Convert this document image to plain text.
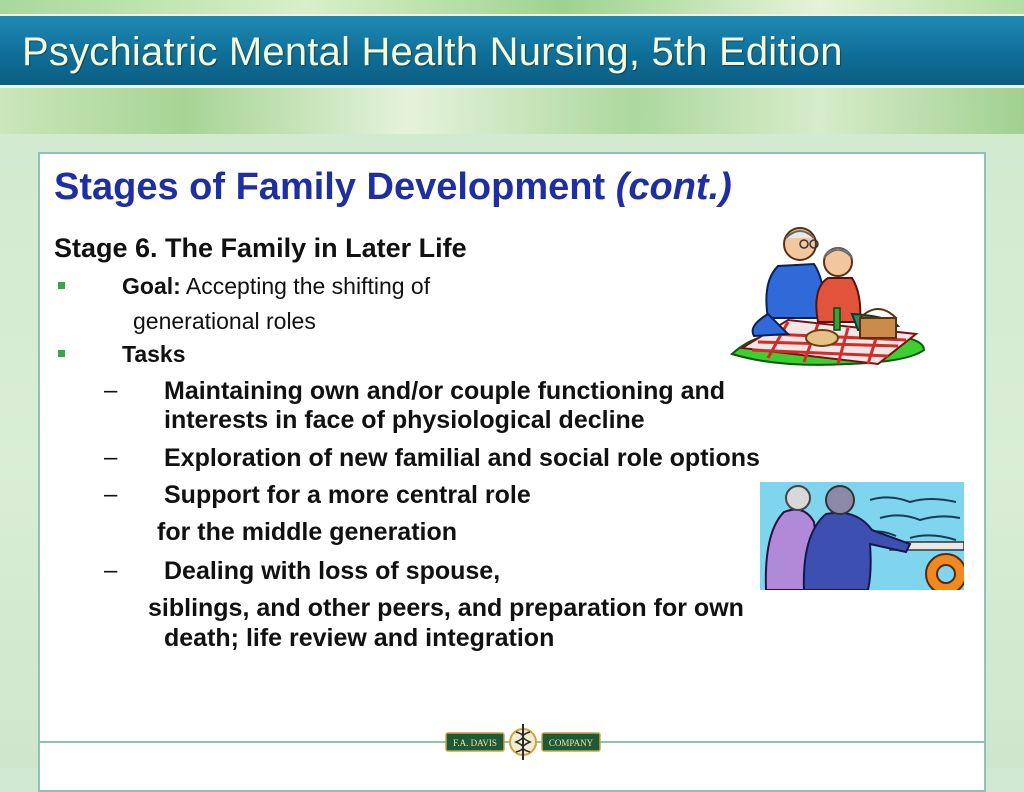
Psychiatric Mental Health Nursing, 5th Edition
Stages of Family Development (cont.)
Stage 6. The Family in Later Life
Goal: Accepting the shifting of
generational roles
Tasks
– Maintaining own and/or couple functioning and
interests in face of physiological decline
– Exploration of new familial and social role options
– Support for a more central role
for the middle generation
– Dealing with loss of spouse,
siblings, and other peers, and preparation for own
death; life review and integration
F.A. DAVIS	COMPANY
